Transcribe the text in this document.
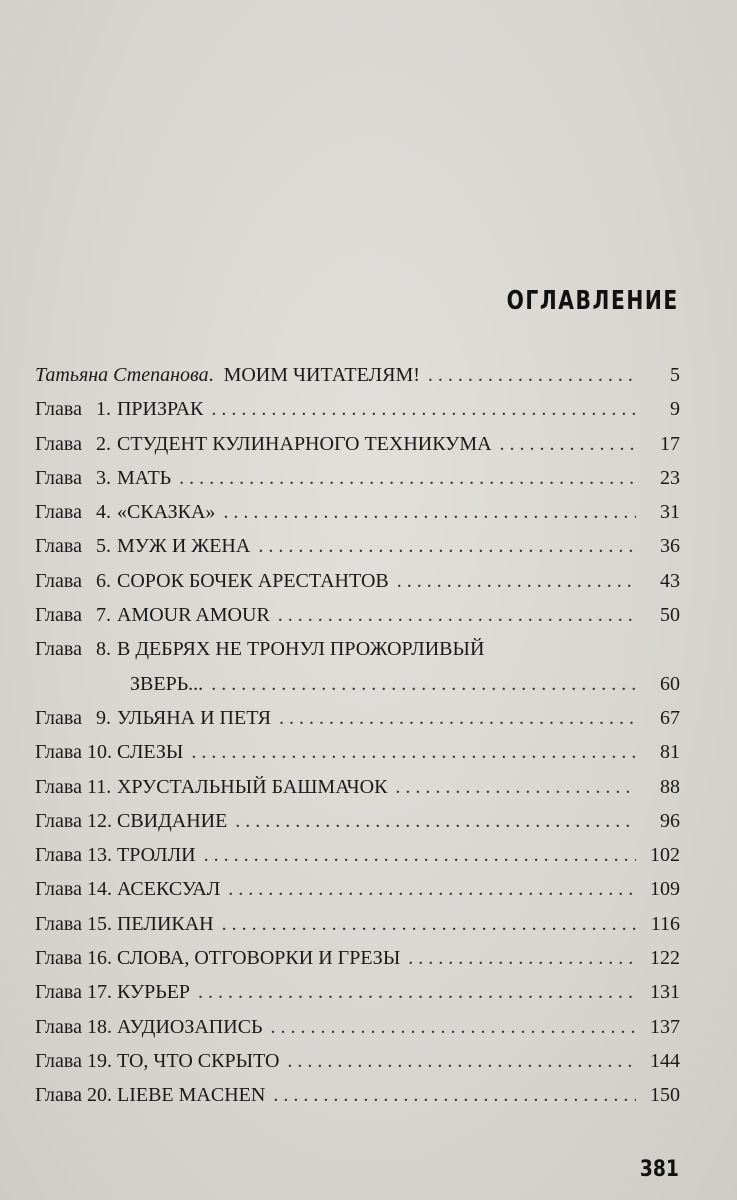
ОГЛАВЛЕНИЕ
Татьяна Степанова.  МОИМ ЧИТАТЕЛЯМ! . . .	5
Глава 1. ПРИЗРАК . . .	9
Глава 2. СТУДЕНТ КУЛИНАРНОГО ТЕХНИКУМА . . .	17
Глава 3. МАТЬ . . .	23
Глава 4. «СКАЗКА» . . .	31
Глава 5. МУЖ И ЖЕНА . . .	36
Глава 6. СОРОК БОЧЕК АРЕСТАНТОВ . . .	43
Глава 7. AMOUR AMOUR . . .	50
Глава 8. В ДЕБРЯХ НЕ ТРОНУЛ ПРОЖОРЛИВЫЙ
ЗВЕРЬ... . . .	60
Глава 9. УЛЬЯНА И ПЕТЯ . . .	67
Глава 10. СЛЕЗЫ . . .	81
Глава 11. ХРУСТАЛЬНЫЙ БАШМАЧОК . . .	88
Глава 12. СВИДАНИЕ . . .	96
Глава 13. ТРОЛЛИ . . .	102
Глава 14. АСЕКСУАЛ . . .	109
Глава 15. ПЕЛИКАН . . .	116
Глава 16. СЛОВА, ОТГОВОРКИ И ГРЕЗЫ . . .	122
Глава 17. КУРЬЕР . . .	131
Глава 18. АУДИОЗАПИСЬ . . .	137
Глава 19. ТО, ЧТО СКРЫТО . . .	144
Глава 20. LIEBE MACHEN . . .	150
381
